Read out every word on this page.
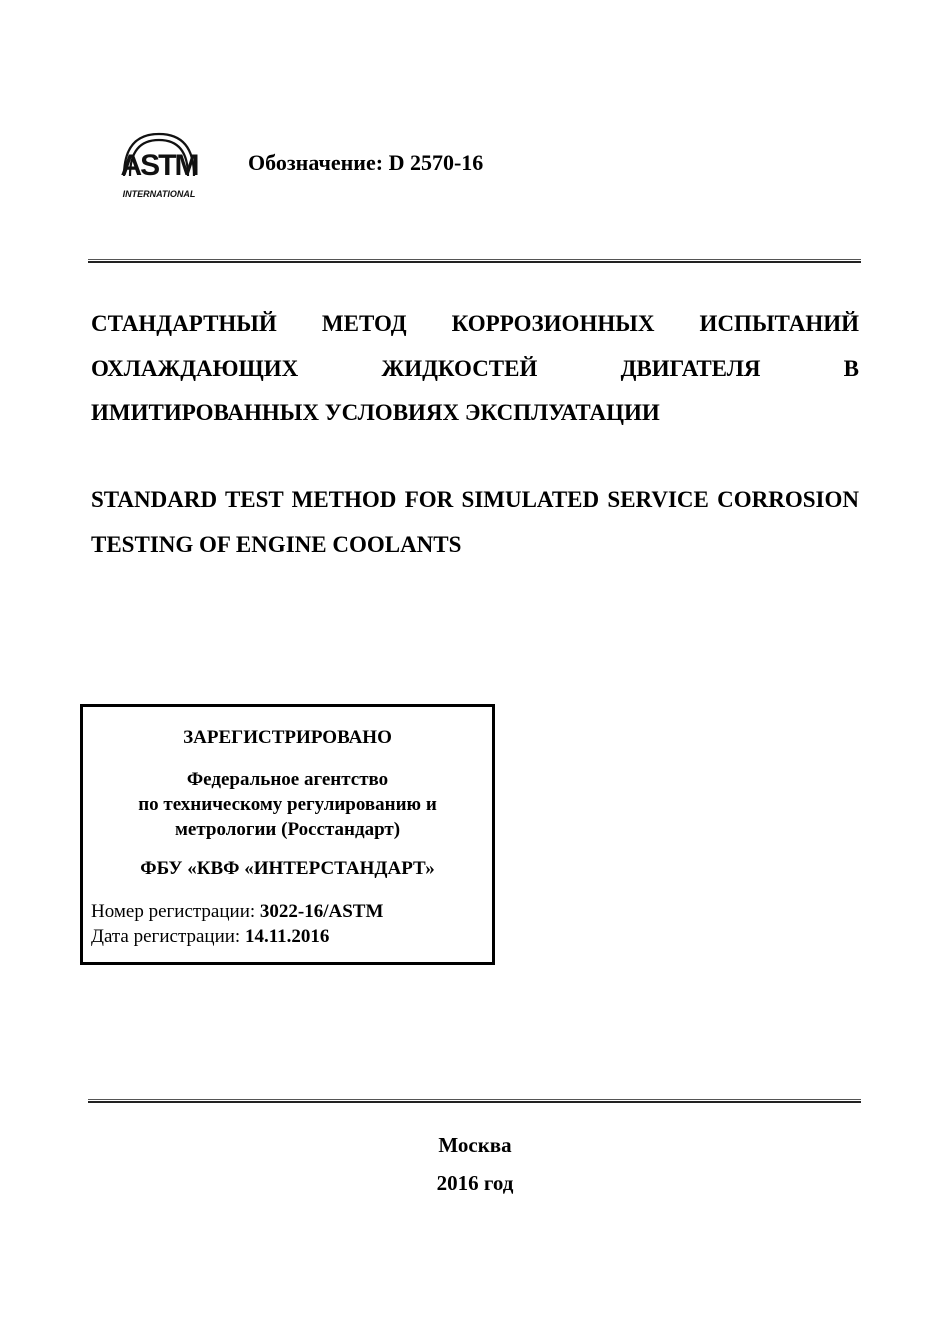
ASTM
INTERNATIONAL
Обозначение: D 2570-16
СТАНДАРТНЫЙ МЕТОД КОРРОЗИОННЫХ ИСПЫТАНИЙ ОХЛАЖДАЮЩИХ ЖИДКОСТЕЙ ДВИГАТЕЛЯ В ИМИТИРОВАННЫХ УСЛОВИЯХ ЭКСПЛУАТАЦИИ
STANDARD TEST METHOD FOR SIMULATED SERVICE CORROSION TESTING OF ENGINE COOLANTS
ЗАРЕГИСТРИРОВАНО
Федеральное агентство
по техническому регулированию и
метрологии (Росстандарт)
ФБУ «КВФ «ИНТЕРСТАНДАРТ»
Номер регистрации: 3022-16/ASTM
Дата регистрации: 14.11.2016
Москва
2016 год
